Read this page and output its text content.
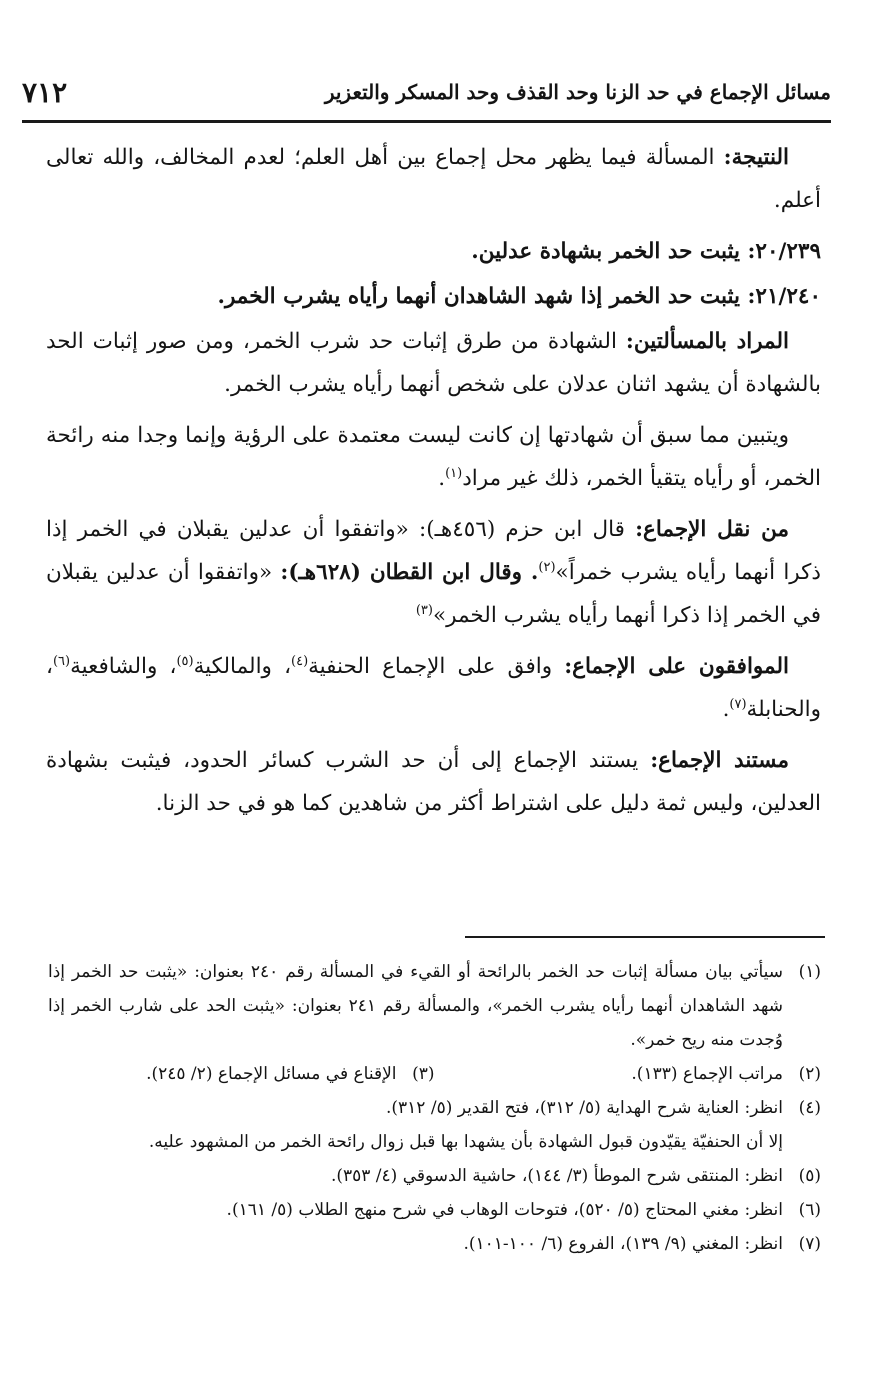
مسائل الإجماع في حد الزنا وحد القذف وحد المسكر والتعزير
٧١٢

النتيجة: المسألة فيما يظهر محل إجماع بين أهل العلم؛ لعدم المخالف، والله تعالى أعلم.

٢٠/٢٣٩: يثبت حد الخمر بشهادة عدلين.

٢١/٢٤٠: يثبت حد الخمر إذا شهد الشاهدان أنهما رأياه يشرب الخمر.

المراد بالمسألتين: الشهادة من طرق إثبات حد شرب الخمر، ومن صور إثبات الحد بالشهادة أن يشهد اثنان عدلان على شخص أنهما رأياه يشرب الخمر.

ويتبين مما سبق أن شهادتها إن كانت ليست معتمدة على الرؤية وإنما وجدا منه رائحة الخمر، أو رأياه يتقيأ الخمر، ذلك غير مراد$^{(١)}$.

من نقل الإجماع: قال ابن حزم (٤٥٦هـ): «واتفقوا أن عدلين يقبلان في الخمر إذا ذكرا أنهما رأياه يشرب خمراً»$^{(٢)}$. وقال ابن القطان (٦٢٨هـ): «واتفقوا أن عدلين يقبلان في الخمر إذا ذكرا أنهما رأياه يشرب الخمر»$^{(٣)}$

الموافقون على الإجماع: وافق على الإجماع الحنفية$^{(٤)}$، والمالكية$^{(٥)}$، والشافعية$^{(٦)}$، والحنابلة$^{(٧)}$.

مستند الإجماع: يستند الإجماع إلى أن حد الشرب كسائر الحدود، فيثبت بشهادة العدلين، وليس ثمة دليل على اشتراط أكثر من شاهدين كما هو في حد الزنا.

(١)
سيأتي بيان مسألة إثبات حد الخمر بالرائحة أو القيء في المسألة رقم ٢٤٠ بعنوان: «يثبت حد الخمر إذا شهد الشاهدان أنهما رأياه يشرب الخمر»، والمسألة رقم ٢٤١ بعنوان: «يثبت الحد على شارب الخمر إذا وُجدت منه ريح خمر».
(٢)
مراتب الإجماع (١٣٣).
(٣)
الإقناع في مسائل الإجماع (٢/ ٢٤٥).
(٤)
انظر: العناية شرح الهداية (٥/ ٣١٢)، فتح القدير (٥/ ٣١٢).
إلا أن الحنفيّة يقيّدون قبول الشهادة بأن يشهدا بها قبل زوال رائحة الخمر من المشهود عليه.
(٥)
انظر: المنتقى شرح الموطأ (٣/ ١٤٤)، حاشية الدسوقي (٤/ ٣٥٣).
(٦)
انظر: مغني المحتاج (٥/ ٥٢٠)، فتوحات الوهاب في شرح منهج الطلاب (٥/ ١٦١).
(٧)
انظر: المغني (٩/ ١٣٩)، الفروع (٦/ ١٠٠-١٠١).
